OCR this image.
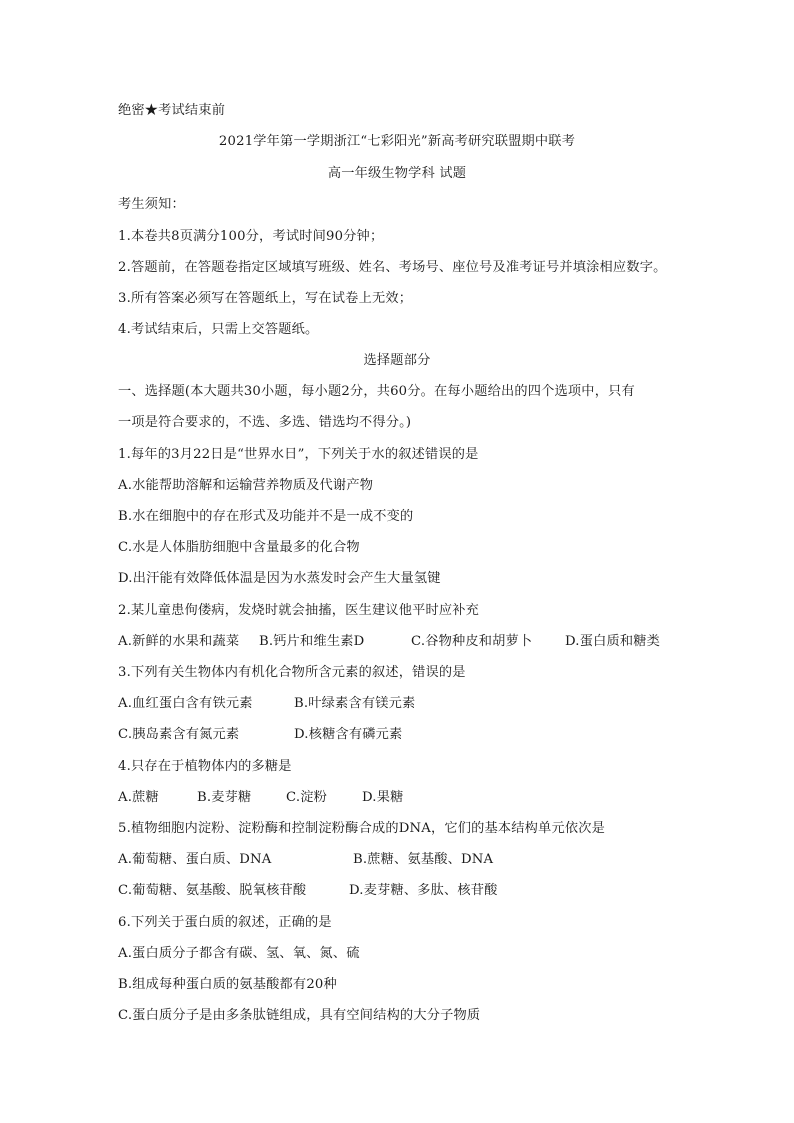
绝密★考试结束前
2021学年第一学期浙江“七彩阳光”新高考研究联盟期中联考
高一年级生物学科 试题
考生须知：
1.本卷共8页满分100分，考试时间90分钟；
2.答题前，在答题卷指定区域填写班级、姓名、考场号、座位号及准考证号并填涂相应数字。
3.所有答案必须写在答题纸上，写在试卷上无效；
4.考试结束后，只需上交答题纸。
选择题部分
一、选择题(本大题共30小题，每小题2分，共60分。在每小题给出的四个选项中，只有
一项是符合要求的，不选、多选、错选均不得分。)
1.每年的3月22日是“世界水日”，下列关于水的叙述错误的是
A.水能帮助溶解和运输营养物质及代谢产物
B.水在细胞中的存在形式及功能并不是一成不变的
C.水是人体脂肪细胞中含量最多的化合物
D.出汗能有效降低体温是因为水蒸发时会产生大量氢键
2.某儿童患佝偻病，发烧时就会抽搐，医生建议他平时应补充
A.新鲜的水果和蔬菜 B.钙片和维生素D	C.谷物种皮和胡萝卜 D.蛋白质和糖类
3.下列有关生物体内有机化合物所含元素的叙述，错误的是
A.血红蛋白含有铁元素	B.叶绿素含有镁元素
C.胰岛素含有氮元素	D.核糖含有磷元素
4.只存在于植物体内的多糖是
A.蔗糖	B.麦芽糖	C.淀粉	D.果糖
5.植物细胞内淀粉、淀粉酶和控制淀粉酶合成的DNA，它们的基本结构单元依次是
A.葡萄糖、蛋白质、DNA	B.蔗糖、氨基酸、DNA
C.葡萄糖、氨基酸、脱氧核苷酸	D.麦芽糖、多肽、核苷酸
6.下列关于蛋白质的叙述，正确的是
A.蛋白质分子都含有碳、氢、氧、氮、硫
B.组成每种蛋白质的氨基酸都有20种
C.蛋白质分子是由多条肽链组成，具有空间结构的大分子物质
